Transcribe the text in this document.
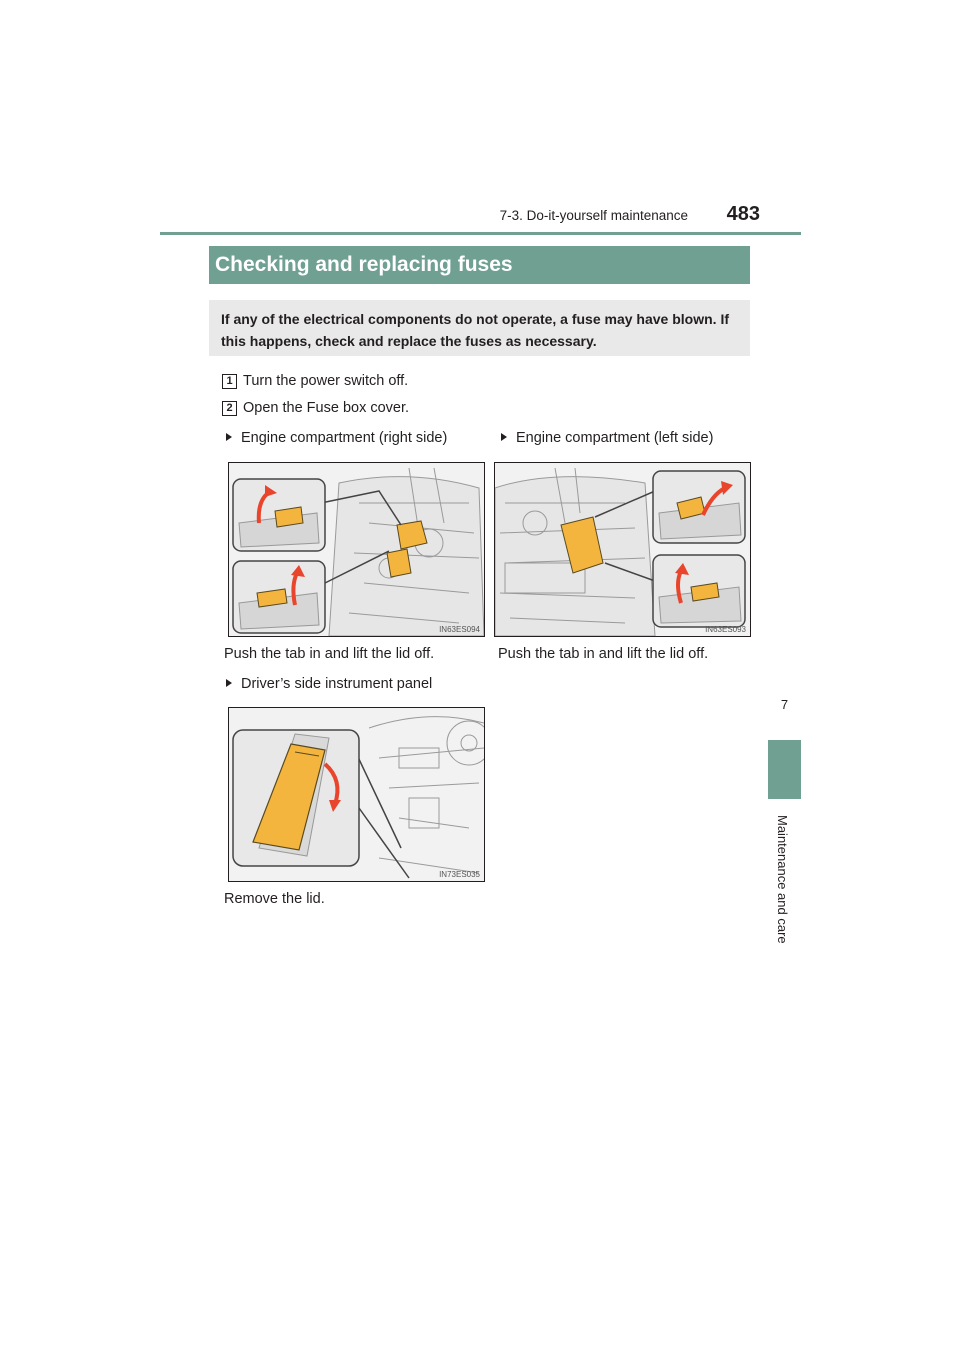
7-3. Do-it-yourself maintenance	483
7
Maintenance and care
Checking and replacing fuses
If any of the electrical components do not operate, a fuse may have blown. If this happens, check and replace the fuses as necessary.
1 Turn the power switch off.
2 Open the Fuse box cover.
Engine compartment (right side)	Engine compartment (left side)
IN63ES094	IN63ES093
Push the tab in and lift the lid off.	Push the tab in and lift the lid off.
Driver’s side instrument panel
IN73ES035
Remove the lid.
